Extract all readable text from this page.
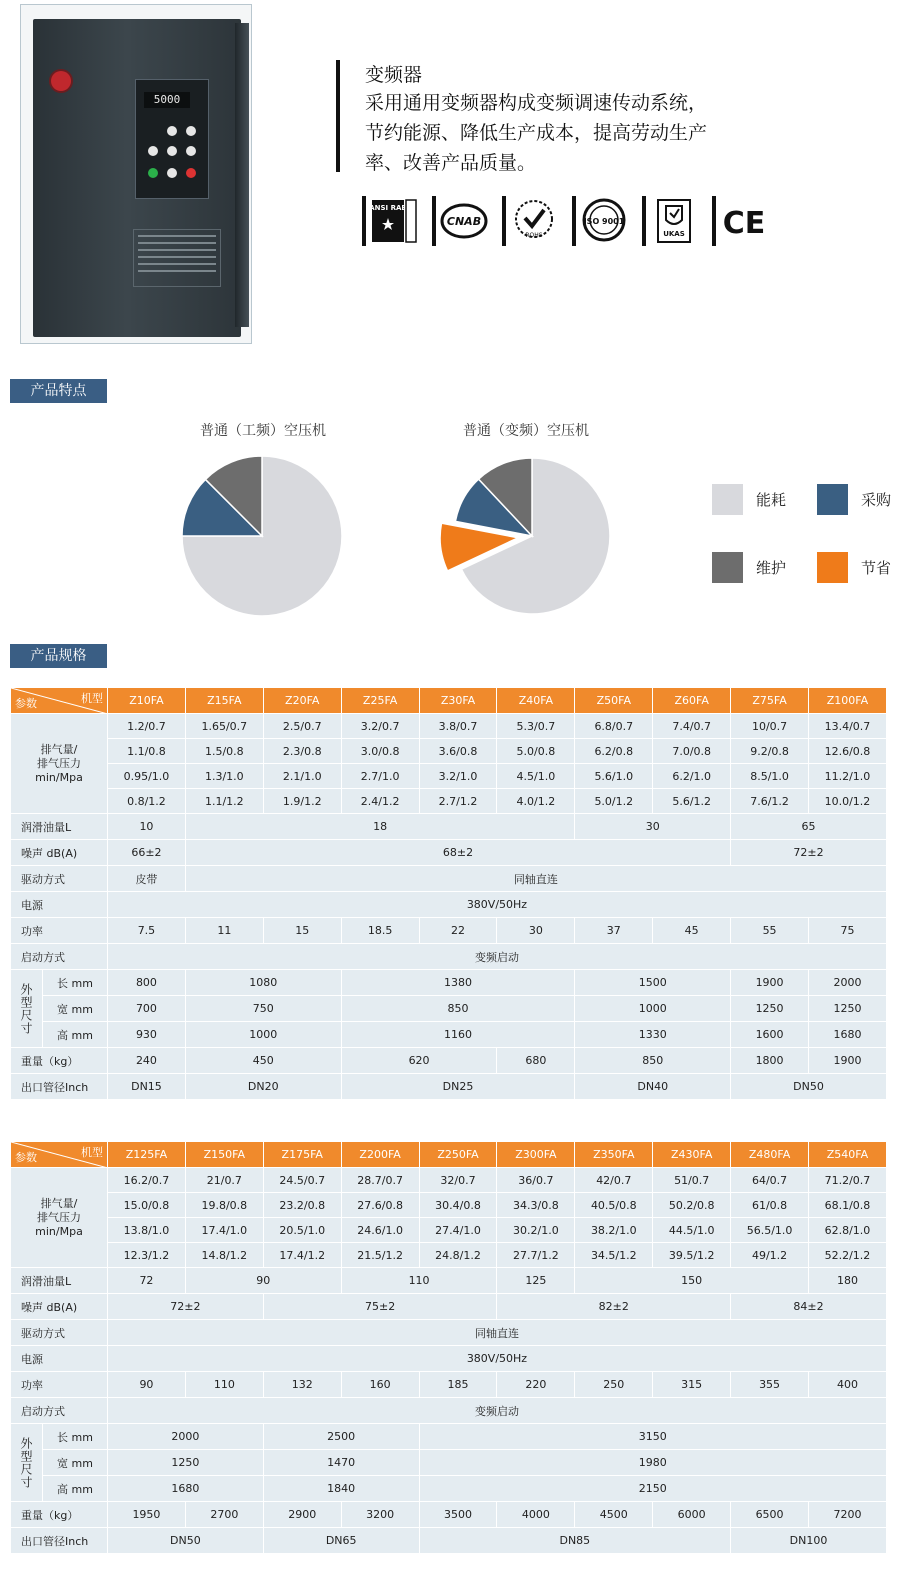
5000
变频器
采用通用变频器构成变频调速传动系统，节约能源、降低生产成本，提高劳动生产率、改善产品质量。
ANSI RAB
CNAB
ROHS
ISO 9001
UKAS CE
产品特点
普通（工频）空压机	普通（变频）空压机
能耗	采购
维护	节省
产品规格
机型
参数		Z10FA	Z15FA	Z20FA	Z25FA	Z30FA	Z40FA	Z50FA	Z60FA	Z75FA	Z100FA
排气量/
排气压力
min/Mpa		1.2/0.7	1.65/0.7	2.5/0.7	3.2/0.7	3.8/0.7	5.3/0.7	6.8/0.7	7.4/0.7	10/0.7	13.4/0.7
		1.1/0.8	1.5/0.8	2.3/0.8	3.0/0.8	3.6/0.8	5.0/0.8	6.2/0.8	7.0/0.8	9.2/0.8	12.6/0.8
		0.95/1.0	1.3/1.0	2.1/1.0	2.7/1.0	3.2/1.0	4.5/1.0	5.6/1.0	6.2/1.0	8.5/1.0	11.2/1.0
		0.8/1.2	1.1/1.2	1.9/1.2	2.4/1.2	2.7/1.2	4.0/1.2	5.0/1.2	5.6/1.2	7.6/1.2	10.0/1.2
润滑油量L		10	18					30		65	
噪声 dB(A)		66±2	68±2							72±2	
驱动方式		皮带	同轴直连								
电源		380V/50Hz									
功率		7.5	11	15	18.5	22	30	37	45	55	75
启动方式		变频启动									
外型尺寸	长 mm	800	1080		1380			1500		1900	2000
	宽 mm	700	750		850			1000		1250	1250
	高 mm	930	1000		1160			1330		1600	1680
重量（kg）		240	450		620		680	850		1800	1900
出口管径Inch		DN15	DN20		DN25			DN40		DN50	
机型
参数		Z125FA	Z150FA	Z175FA	Z200FA	Z250FA	Z300FA	Z350FA	Z430FA	Z480FA	Z540FA
排气量/
排气压力
min/Mpa		16.2/0.7	21/0.7	24.5/0.7	28.7/0.7	32/0.7	36/0.7	42/0.7	51/0.7	64/0.7	71.2/0.7
		15.0/0.8	19.8/0.8	23.2/0.8	27.6/0.8	30.4/0.8	34.3/0.8	40.5/0.8	50.2/0.8	61/0.8	68.1/0.8
		13.8/1.0	17.4/1.0	20.5/1.0	24.6/1.0	27.4/1.0	30.2/1.0	38.2/1.0	44.5/1.0	56.5/1.0	62.8/1.0
		12.3/1.2	14.8/1.2	17.4/1.2	21.5/1.2	24.8/1.2	27.7/1.2	34.5/1.2	39.5/1.2	49/1.2	52.2/1.2
润滑油量L		72	90		110		125	150			180
噪声 dB(A)		72±2		75±2			82±2			84±2	
驱动方式		同轴直连									
电源		380V/50Hz									
功率		90	110	132	160	185	220	250	315	355	400
启动方式		变频启动									
外型尺寸	长 mm	2000		2500		3150					
	宽 mm	1250		1470		1980					
	高 mm	1680		1840		2150					
重量（kg）		1950	2700	2900	3200	3500	4000	4500	6000	6500	7200
出口管径Inch		DN50		DN65		DN85				DN100	
